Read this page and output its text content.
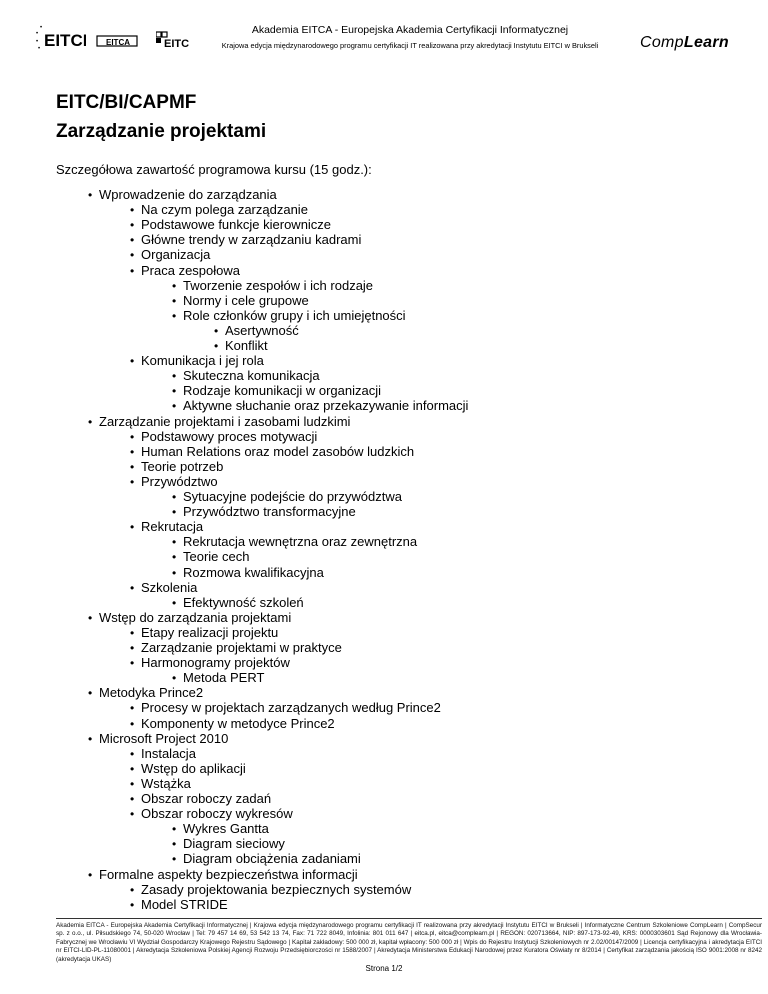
EITCI
•
•
•
•
EITCA	EITC
Akademia EITCA - Europejska Akademia Certyfikacji Informatycznej
Krajowa edycja międzynarodowego programu certyfikacji IT realizowana przy akredytacji Instytutu EITCI w Brukseli	CompLearn
EITC/BI/CAPMF
Zarządzanie projektami
Szczegółowa zawartość programowa kursu (15 godz.):
• Wprowadzenie do zarządzania
• Na czym polega zarządzanie
• Podstawowe funkcje kierownicze
• Główne trendy w zarządzaniu kadrami
• Organizacja
• Praca zespołowa
• Tworzenie zespołów i ich rodzaje
• Normy i cele grupowe
• Role członków grupy i ich umiejętności
• Asertywność
• Konflikt
• Komunikacja i jej rola
• Skuteczna komunikacja
• Rodzaje komunikacji w organizacji
• Aktywne słuchanie oraz przekazywanie informacji
• Zarządzanie projektami i zasobami ludzkimi
• Podstawowy proces motywacji
• Human Relations oraz model zasobów ludzkich
• Teorie potrzeb
• Przywództwo
• Sytuacyjne podejście do przywództwa
• Przywództwo transformacyjne
• Rekrutacja
• Rekrutacja wewnętrzna oraz zewnętrzna
• Teorie cech
• Rozmowa kwalifikacyjna
• Szkolenia
• Efektywność szkoleń
• Wstęp do zarządzania projektami
• Etapy realizacji projektu
• Zarządzanie projektami w praktyce
• Harmonogramy projektów
• Metoda PERT
• Metodyka Prince2
• Procesy w projektach zarządzanych według Prince2
• Komponenty w metodyce Prince2
• Microsoft Project 2010
• Instalacja
• Wstęp do aplikacji
• Wstążka
• Obszar roboczy zadań
• Obszar roboczy wykresów
• Wykres Gantta
• Diagram sieciowy
• Diagram obciążenia zadaniami
• Formalne aspekty bezpieczeństwa informacji
• Zasady projektowania bezpiecznych systemów
• Model STRIDE
Akademia EITCA - Europejska Akademia Certyfikacji Informatycznej | Krajowa edycja międzynarodowego programu certyfikacji IT realizowana przy akredytacji Instytutu EITCI w Brukseli | Informatyczne Centrum Szkoleniowe CompLearn | CompSecur sp. z o.o., ul. Piłsudskiego 74, 50-020 Wrocław | Tel: 79 457 14 69, 53 542 13 74, Fax: 71 722 8049, Infolinia: 801 011 647 | eitca.pl, eitca@complearn.pl | REGON: 020713664, NIP: 897-173-92-49, KRS: 0000303601 Sąd Rejonowy dla Wrocławia-Fabrycznej we Wrocławiu VI Wydział Gospodarczy Krajowego Rejestru Sądowego | Kapitał zakładowy: 500 000 zł, kapitał wpłacony: 500 000 zł | Wpis do Rejestru Instytucji Szkoleniowych nr 2.02/00147/2009 | Licencja certyfikacyjna i akredytacja EITCI nr EITCI-LID-PL-11080001 | Akredytacja Szkoleniowa Polskiej Agencji Rozwoju Przedsiębiorczości nr 1588/2007 | Akredytacja Ministerstwa Edukacji Narodowej przez Kuratora Oświaty nr 8/2014 | Certyfikat zarządzania jakością ISO 9001:2008 nr 8242 (akredytacja UKAS)
Strona 1/2
